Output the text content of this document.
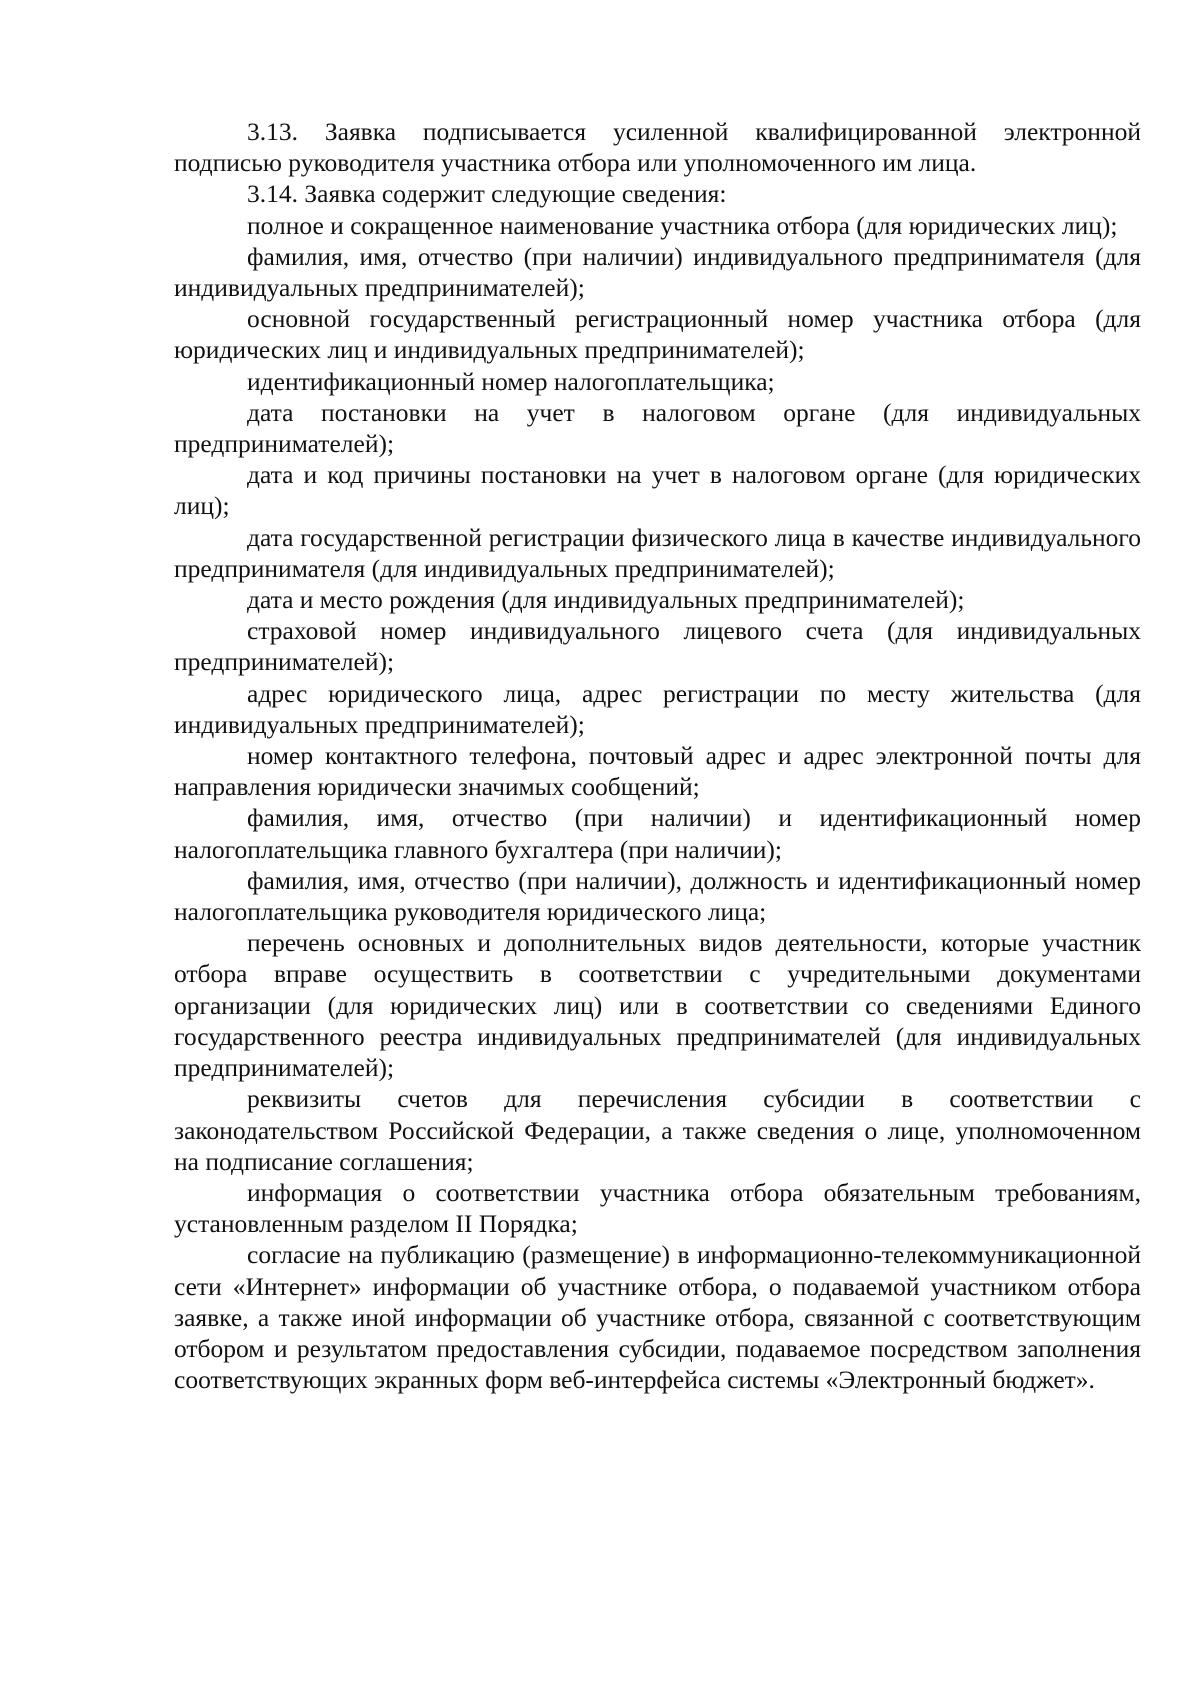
3.13. Заявка подписывается усиленной квалифицированной электронной подписью руководителя участника отбора или уполномоченного им лица.

3.14. Заявка содержит следующие сведения:

полное и сокращенное наименование участника отбора (для юридических лиц);

фамилия, имя, отчество (при наличии) индивидуального предпринимателя (для индивидуальных предпринимателей);

основной государственный регистрационный номер участника отбора (для юридических лиц и индивидуальных предпринимателей);

идентификационный номер налогоплательщика;

дата постановки на учет в налоговом органе (для индивидуальных предпринимателей);

дата и код причины постановки на учет в налоговом органе (для юридических лиц);

дата государственной регистрации физического лица в качестве индивидуального предпринимателя (для индивидуальных предпринимателей);

дата и место рождения (для индивидуальных предпринимателей);

страховой номер индивидуального лицевого счета (для индивидуальных предпринимателей);

адрес юридического лица, адрес регистрации по месту жительства (для индивидуальных предпринимателей);

номер контактного телефона, почтовый адрес и адрес электронной почты для направления юридически значимых сообщений;

фамилия, имя, отчество (при наличии) и идентификационный номер налогоплательщика главного бухгалтера (при наличии);

фамилия, имя, отчество (при наличии), должность и идентификационный номер налогоплательщика руководителя юридического лица;

перечень основных и дополнительных видов деятельности, которые участник отбора вправе осуществить в соответствии с учредительными документами организации (для юридических лиц) или в соответствии со сведениями Единого государственного реестра индивидуальных предпринимателей (для индивидуальных предпринимателей);

реквизиты счетов для перечисления субсидии в соответствии с законодательством Российской Федерации, а также сведения о лице, уполномоченном на подписание соглашения;

информация о соответствии участника отбора обязательным требованиям, установленным разделом II Порядка;

согласие на публикацию (размещение) в информационно-телекоммуникационной сети «Интернет» информации об участнике отбора, о подаваемой участником отбора заявке, а также иной информации об участнике отбора, связанной с соответствующим отбором и результатом предоставления субсидии, подаваемое посредством заполнения соответствующих экранных форм веб-интерфейса системы «Электронный бюджет».
